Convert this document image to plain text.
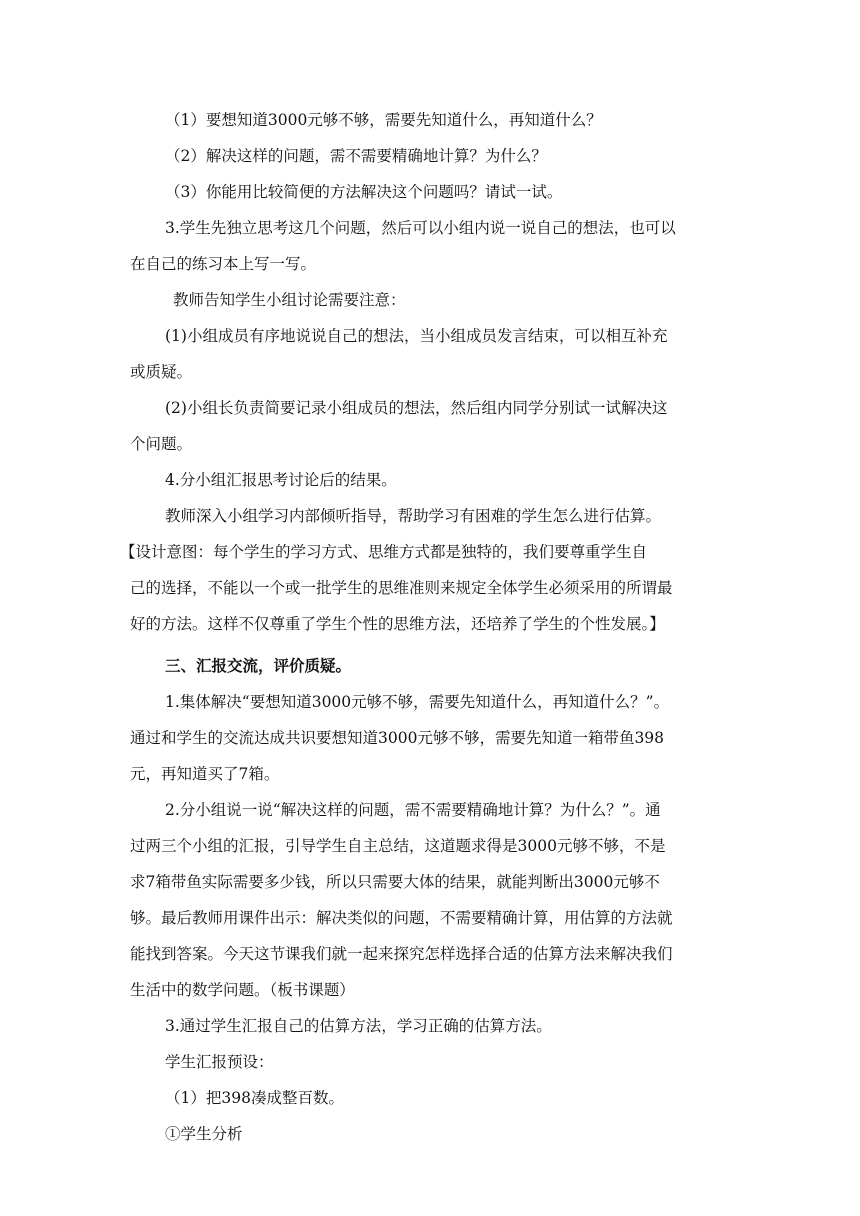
（1）要想知道3000元够不够，需要先知道什么，再知道什么？
（2）解决这样的问题，需不需要精确地计算？为什么？
（3）你能用比较简便的方法解决这个问题吗？请试一试。
3.学生先独立思考这几个问题，然后可以小组内说一说自己的想法，也可以
在自己的练习本上写一写。
教师告知学生小组讨论需要注意：
(1)小组成员有序地说说自己的想法，当小组成员发言结束，可以相互补充
或质疑。
(2)小组长负责简要记录小组成员的想法，然后组内同学分别试一试解决这
个问题。
4.分小组汇报思考讨论后的结果。
教师深入小组学习内部倾听指导，帮助学习有困难的学生怎么进行估算。
【设计意图：每个学生的学习方式、思维方式都是独特的，我们要尊重学生自
己的选择，不能以一个或一批学生的思维准则来规定全体学生必须采用的所谓最
好的方法。这样不仅尊重了学生个性的思维方法，还培养了学生的个性发展。】
三、汇报交流，评价质疑。
1.集体解决“要想知道3000元够不够，需要先知道什么，再知道什么？”。
通过和学生的交流达成共识要想知道3000元够不够，需要先知道一箱带鱼398
元，再知道买了7箱。
2.分小组说一说“解决这样的问题，需不需要精确地计算？为什么？”。通
过两三个小组的汇报，引导学生自主总结，这道题求得是3000元够不够，不是
求7箱带鱼实际需要多少钱，所以只需要大体的结果，就能判断出3000元够不
够。最后教师用课件出示：解决类似的问题，不需要精确计算，用估算的方法就
能找到答案。今天这节课我们就一起来探究怎样选择合适的估算方法来解决我们
生活中的数学问题。（板书课题）
3.通过学生汇报自己的估算方法，学习正确的估算方法。
学生汇报预设：
（1）把398凑成整百数。
①学生分析
